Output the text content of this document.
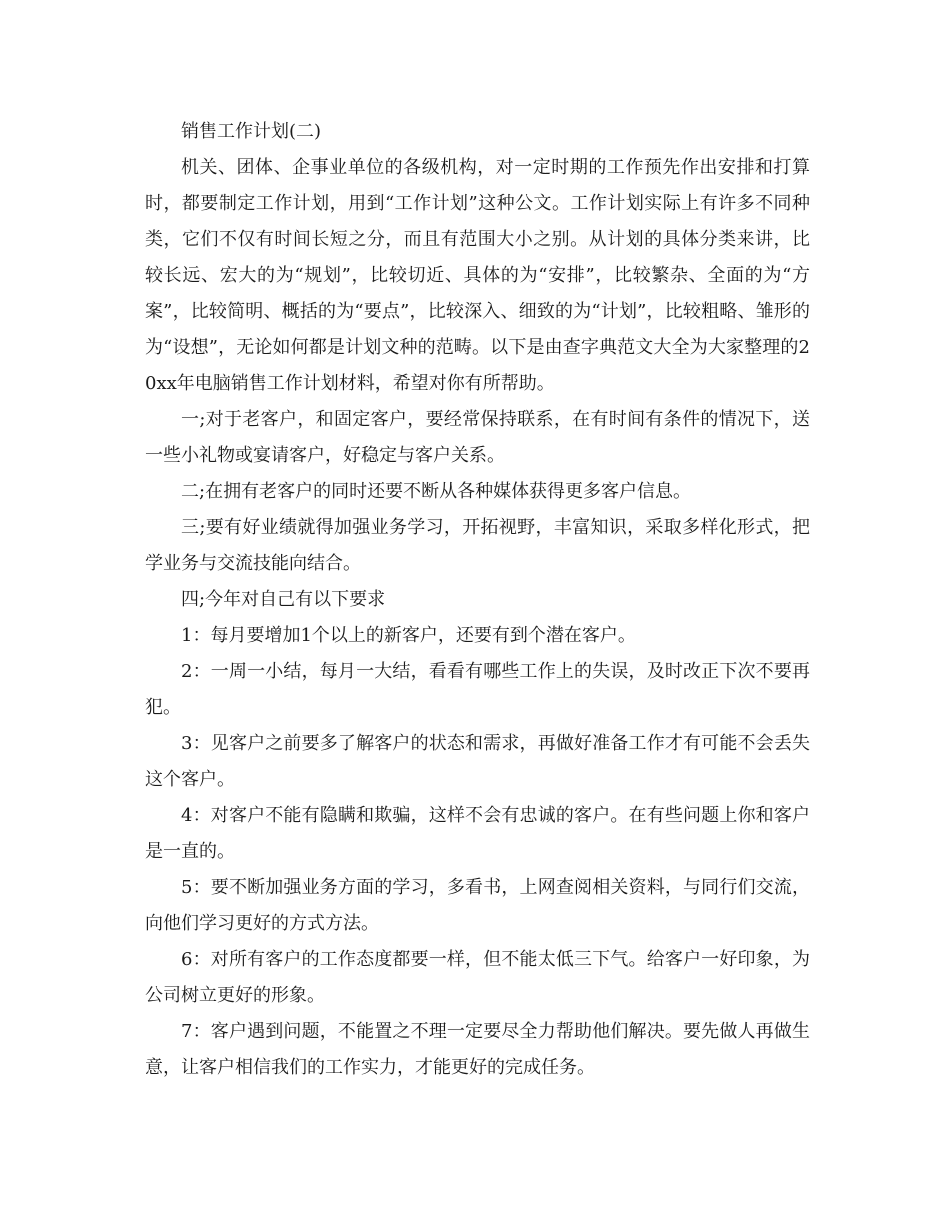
销售工作计划(二)

机关、团体、企事业单位的各级机构，对一定时期的工作预先作出安排和打算时，都要制定工作计划，用到“工作计划”这种公文。工作计划实际上有许多不同种类，它们不仅有时间长短之分，而且有范围大小之别。从计划的具体分类来讲，比较长远、宏大的为“规划”，比较切近、具体的为“安排”，比较繁杂、全面的为“方案”，比较简明、概括的为“要点”，比较深入、细致的为“计划”，比较粗略、雏形的为“设想”，无论如何都是计划文种的范畴。以下是由查字典范文大全为大家整理的20xx年电脑销售工作计划材料，希望对你有所帮助。

一;对于老客户，和固定客户，要经常保持联系，在有时间有条件的情况下，送一些小礼物或宴请客户，好稳定与客户关系。

二;在拥有老客户的同时还要不断从各种媒体获得更多客户信息。

三;要有好业绩就得加强业务学习，开拓视野，丰富知识，采取多样化形式，把学业务与交流技能向结合。

四;今年对自己有以下要求

1：每月要增加1个以上的新客户，还要有到个潜在客户。

2：一周一小结，每月一大结，看看有哪些工作上的失误，及时改正下次不要再犯。

3：见客户之前要多了解客户的状态和需求，再做好准备工作才有可能不会丢失这个客户。

4：对客户不能有隐瞒和欺骗，这样不会有忠诚的客户。在有些问题上你和客户是一直的。

5：要不断加强业务方面的学习，多看书，上网查阅相关资料，与同行们交流，向他们学习更好的方式方法。

6：对所有客户的工作态度都要一样，但不能太低三下气。给客户一好印象，为公司树立更好的形象。

7：客户遇到问题，不能置之不理一定要尽全力帮助他们解决。要先做人再做生意，让客户相信我们的工作实力，才能更好的完成任务。
